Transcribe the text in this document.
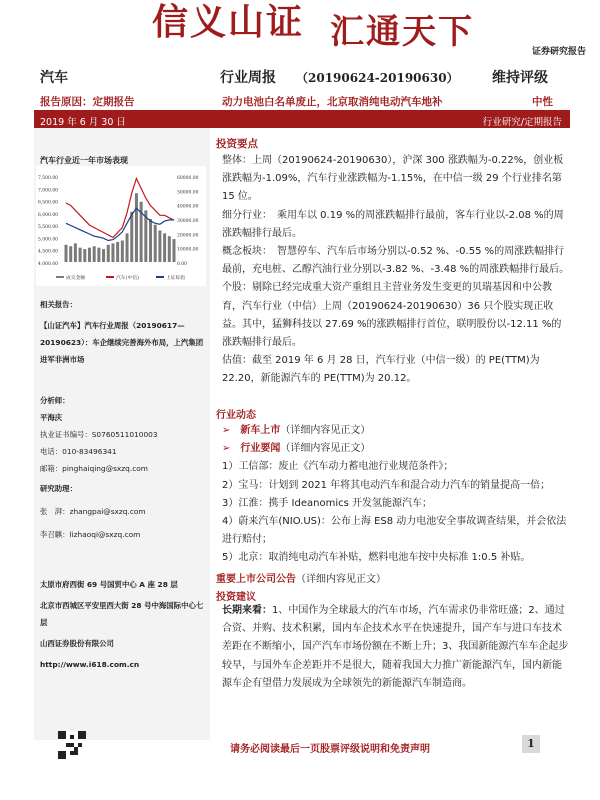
信义山证 汇通天下	证券研究报告
汽车	行业周报 （20190624-20190630） 维持评级
报告原因：定期报告	动力电池白名单废止，北京取消纯电动汽车地补	中性
2019 年 6 月 30 日	行业研究/定期报告
汽车行业近一年市场表现
7,500.00
7,000.00
6,500.00
6,000.00
5,500.00
5,000.00
4,500.00
4,000.00
60000.00
50000.00
40000.00
30000.00
20000.00
10000.00
0.00
成交金额	汽车(中信)	上证综指
相关报告：
【山证汽车】汽车行业周报（20190617—20190623）：车企继续完善海外布局，上汽集团进军非洲市场
分析师：
平海庆
执业证书编号：S0760511010003
电话：010-83496341
邮箱：pinghaiqing@sxzq.com
研究助理：
张　湃：zhangpai@sxzq.com
李召麒：lizhaoqi@sxzq.com
太原市府西街 69 号国贸中心 A 座 28 层
北京市西城区平安里西大街 28 号中海国际中心七层
山西证券股份有限公司
http://www.i618.com.cn
投资要点

整体：上周（20190624-20190630），沪深 300 涨跌幅为-0.22%，创业板涨跌幅为-1.09%，汽车行业涨跌幅为-1.15%，在中信一级 29 个行业排名第 15 位。

细分行业：　乘用车以 0.19 %的周涨跌幅排行最前，客车行业以-2.08 %的周涨跌幅排行最后。

概念板块：　智慧停车、汽车后市场分别以-0.52 %、-0.55 %的周涨跌幅排行最前，充电桩、乙醇汽油行业分别以-3.82 %、-3.48 %的周涨跌幅排行最后。

个股：剔除已经完成重大资产重组且主营业务发生变更的贝瑞基因和中公教育，汽车行业（中信）上周（20190624-20190630）36 只个股实现正收益。其中，猛狮科技以 27.69 %的涨跌幅排行首位，联明股份以-12.11 %的涨跌幅排行最后。

估值：截至 2019 年 6 月 28 日，汽车行业（中信一级）的 PE(TTM)为 22.20，新能源汽车的 PE(TTM)为 20.12。

行业动态
➢　 新车上市（详细内容见正文）
➢　 行业要闻（详细内容见正文）
1）工信部：废止《汽车动力蓄电池行业规范条件》；
2）宝马：计划到 2021 年将其电动汽车和混合动力汽车的销量提高一倍；
3）江淮：携手 Ideanomics 开发氢能源汽车；
4）蔚来汽车(NIO.US)：公布上海 ES8 动力电池安全事故调查结果，并会依法进行赔付；
5）北京：取消纯电动汽车补贴，燃料电池车按中央标准 1:0.5 补贴。
重要上市公司公告（详细内容见正文）
投资建议

长期来看：1、中国作为全球最大的汽车市场，汽车需求仍非常旺盛；2、通过合资、并购、技术积累，国内车企技术水平在快速提升，国产车与进口车技术差距在不断缩小，国产汽车市场份额在不断上升；3、我国新能源汽车车企起步较早，与国外车企差距并不是很大，随着我国大力推广新能源汽车，国内新能源车企有望借力发展成为全球领先的新能源汽车制造商。

请务必阅读最后一页股票评级说明和免责声明	1
